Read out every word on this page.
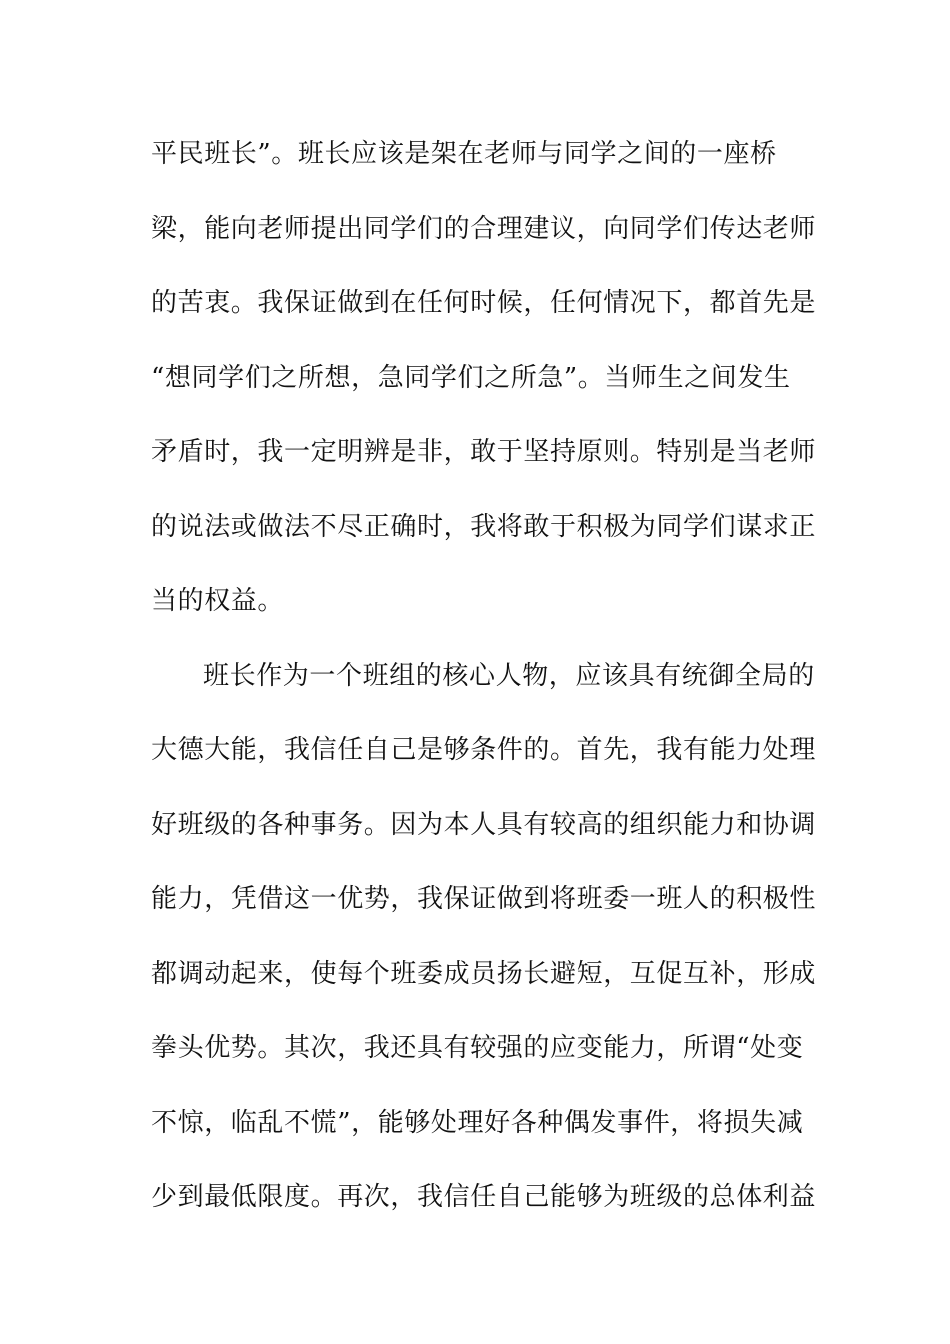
平民班长”。班长应该是架在老师与同学之间的一座桥
梁，能向老师提出同学们的合理建议，向同学们传达老师
的苦衷。我保证做到在任何时候，任何情况下，都首先是
“想同学们之所想，急同学们之所急”。当师生之间发生
矛盾时，我一定明辨是非，敢于坚持原则。特别是当老师
的说法或做法不尽正确时，我将敢于积极为同学们谋求正
当的权益。
班长作为一个班组的核心人物，应该具有统御全局的
大德大能，我信任自己是够条件的。首先，我有能力处理
好班级的各种事务。因为本人具有较高的组织能力和协调
能力，凭借这一优势，我保证做到将班委一班人的积极性
都调动起来，使每个班委成员扬长避短，互促互补，形成
拳头优势。其次，我还具有较强的应变能力，所谓“处变
不惊，临乱不慌”，能够处理好各种偶发事件，将损失减
少到最低限度。再次，我信任自己能够为班级的总体利益
